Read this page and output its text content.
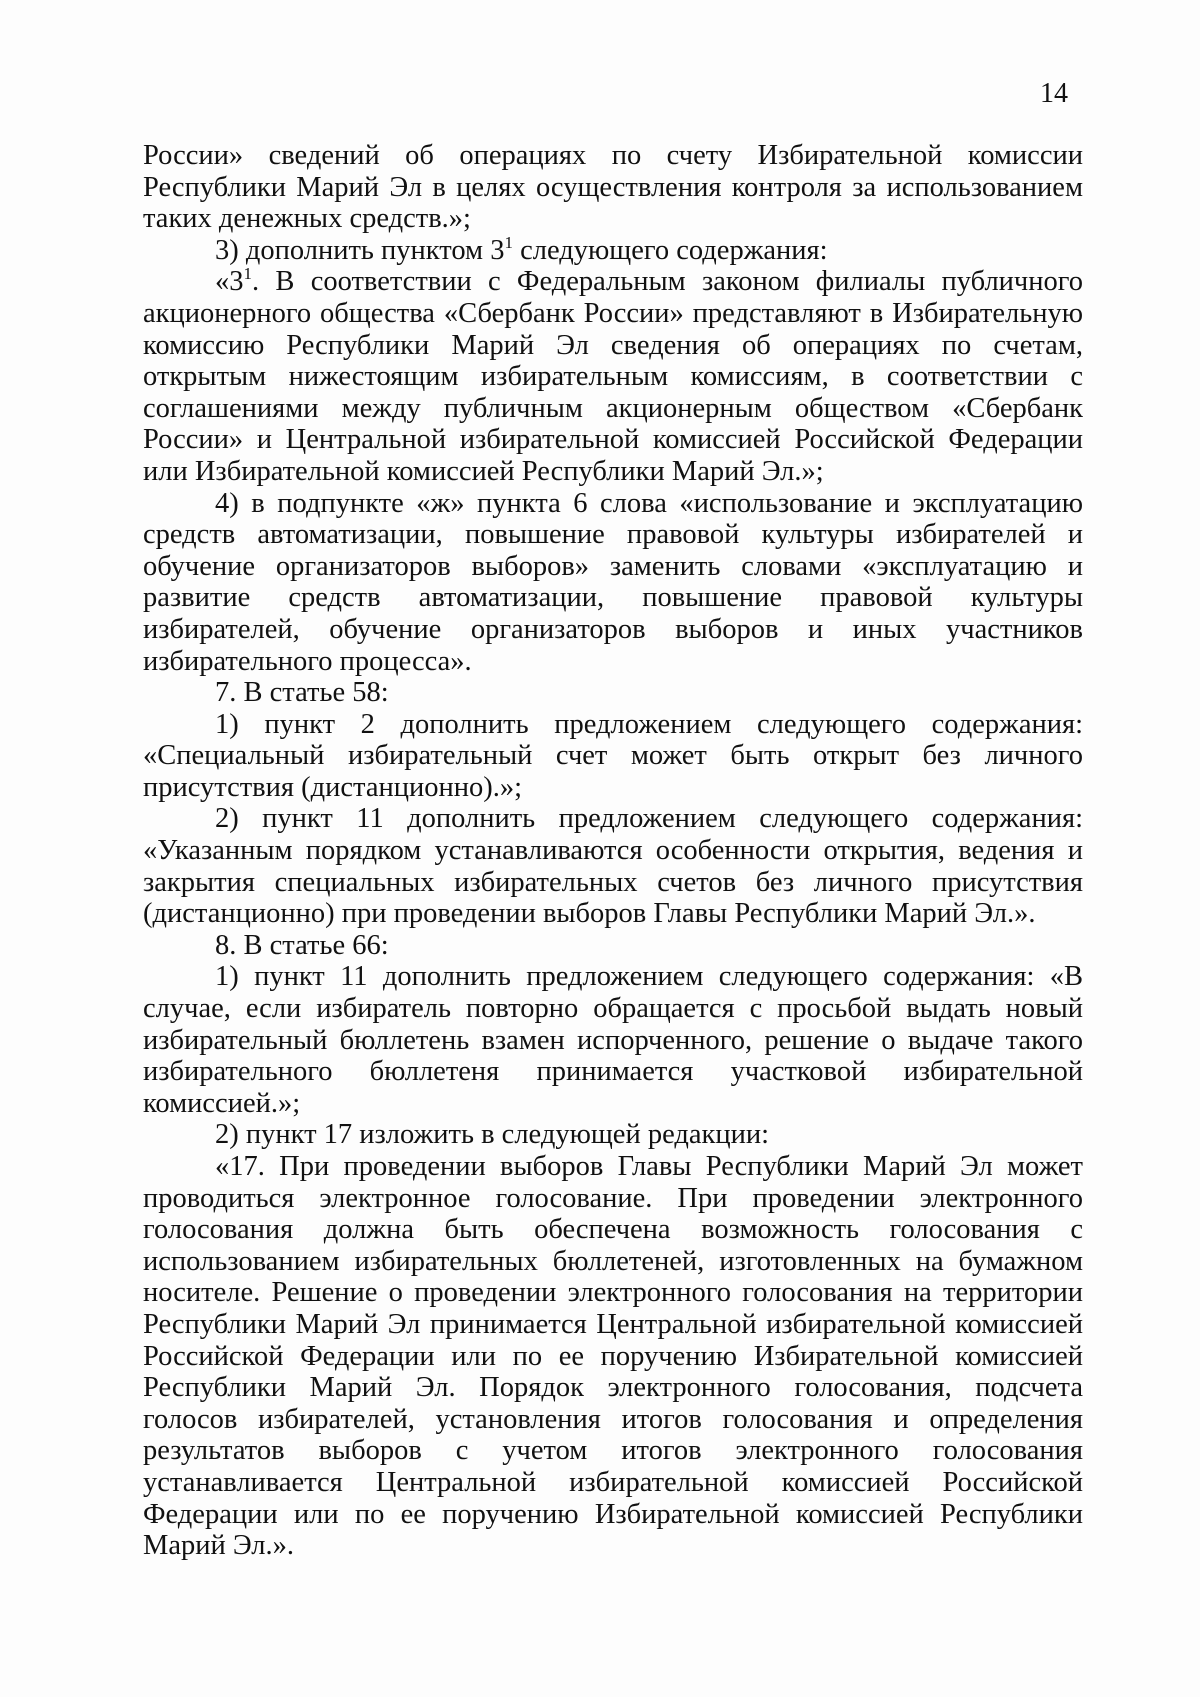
14

России» сведений об операциях по счету Избирательной комиссии Республики Марий Эл в целях осуществления контроля за использованием таких денежных средств.»;

3) дополнить пунктом $3^1$ следующего содержания:

«$3^1$. В соответствии с Федеральным законом филиалы публичного акционерного общества «Сбербанк России» представляют в Избирательную комиссию Республики Марий Эл сведения об операциях по счетам, открытым нижестоящим избирательным комиссиям, в соответствии с соглашениями между публичным акционерным обществом «Сбербанк России» и Центральной избирательной комиссией Российской Федерации или Избирательной комиссией Республики Марий Эл.»;

4) в подпункте «ж» пункта 6 слова «использование и эксплуатацию средств автоматизации, повышение правовой культуры избирателей и обучение организаторов выборов» заменить словами «эксплуатацию и развитие средств автоматизации, повышение правовой культуры избирателей, обучение организаторов выборов и иных участников избирательного процесса».

7. В статье 58:

1) пункт 2 дополнить предложением следующего содержания: «Специальный избирательный счет может быть открыт без личного присутствия (дистанционно).»;

2) пункт 11 дополнить предложением следующего содержания: «Указанным порядком устанавливаются особенности открытия, ведения и закрытия специальных избирательных счетов без личного присутствия (дистанционно) при проведении выборов Главы Республики Марий Эл.».

8. В статье 66:

1) пункт 11 дополнить предложением следующего содержания: «В случае, если избиратель повторно обращается с просьбой выдать новый избирательный бюллетень взамен испорченного, решение о выдаче такого избирательного бюллетеня принимается участковой избирательной комиссией.»;

2) пункт 17 изложить в следующей редакции:

«17. При проведении выборов Главы Республики Марий Эл может проводиться электронное голосование. При проведении электронного голосования должна быть обеспечена возможность голосования с использованием избирательных бюллетеней, изготовленных на бумажном носителе. Решение о проведении электронного голосования на территории Республики Марий Эл принимается Центральной избирательной комиссией Российской Федерации или по ее поручению Избирательной комиссией Республики Марий Эл. Порядок электронного голосования, подсчета голосов избирателей, установления итогов голосования и определения результатов выборов с учетом итогов электронного голосования устанавливается Центральной избирательной комиссией Российской Федерации или по ее поручению Избирательной комиссией Республики Марий Эл.».
